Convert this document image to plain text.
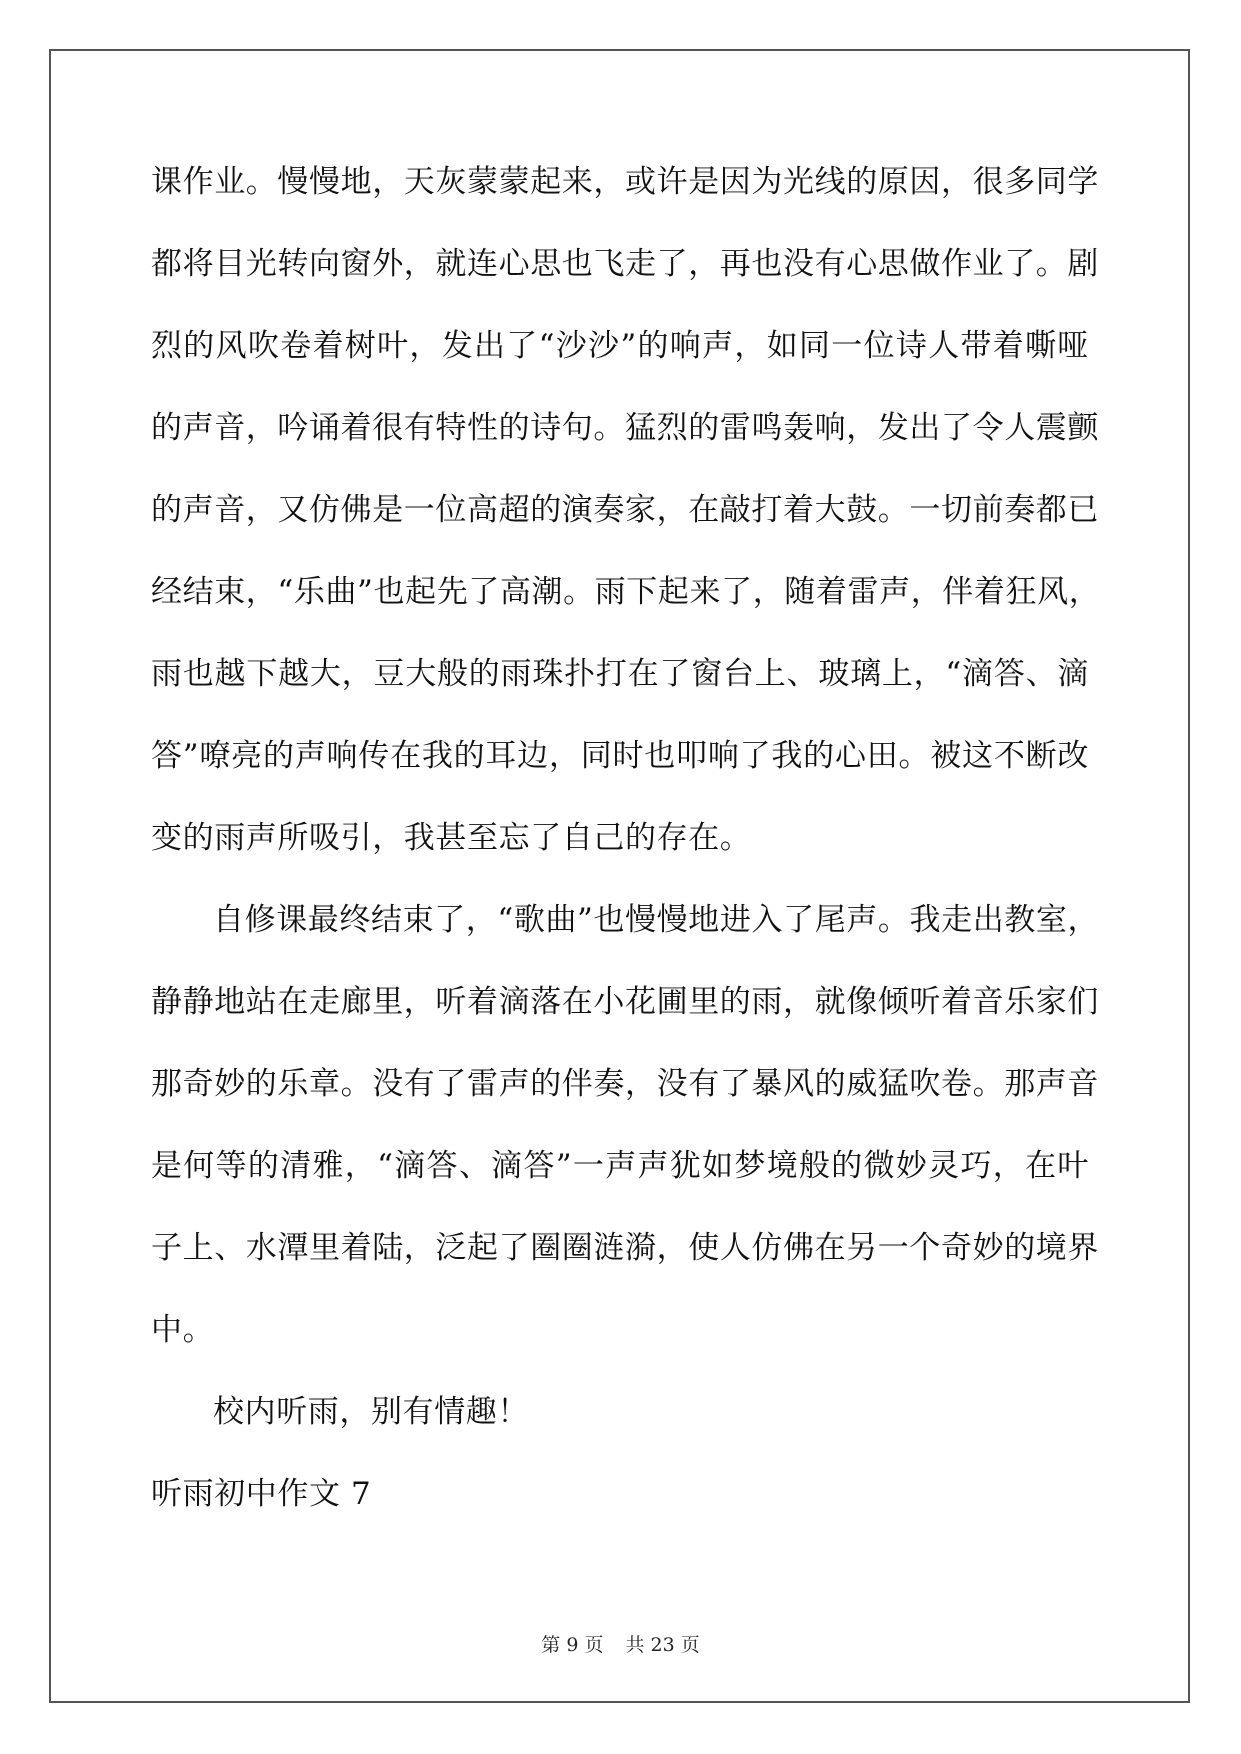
课作业。慢慢地，天灰蒙蒙起来，或许是因为光线的原因，很多同学

都将目光转向窗外，就连心思也飞走了，再也没有心思做作业了。剧

烈的风吹卷着树叶，发出了“沙沙”的响声，如同一位诗人带着嘶哑

的声音，吟诵着很有特性的诗句。猛烈的雷鸣轰响，发出了令人震颤

的声音，又仿佛是一位高超的演奏家，在敲打着大鼓。一切前奏都已

经结束，“乐曲”也起先了高潮。雨下起来了，随着雷声，伴着狂风，

雨也越下越大，豆大般的雨珠扑打在了窗台上、玻璃上，“滴答、滴

答”嘹亮的声响传在我的耳边，同时也叩响了我的心田。被这不断改

变的雨声所吸引，我甚至忘了自己的存在。

自修课最终结束了，“歌曲”也慢慢地进入了尾声。我走出教室，

静静地站在走廊里，听着滴落在小花圃里的雨，就像倾听着音乐家们

那奇妙的乐章。没有了雷声的伴奏，没有了暴风的威猛吹卷。那声音

是何等的清雅，“滴答、滴答”一声声犹如梦境般的微妙灵巧，在叶

子上、水潭里着陆，泛起了圈圈涟漪，使人仿佛在另一个奇妙的境界

中。

校内听雨，别有情趣！

听雨初中作文 7

第 9 页 共 23 页
